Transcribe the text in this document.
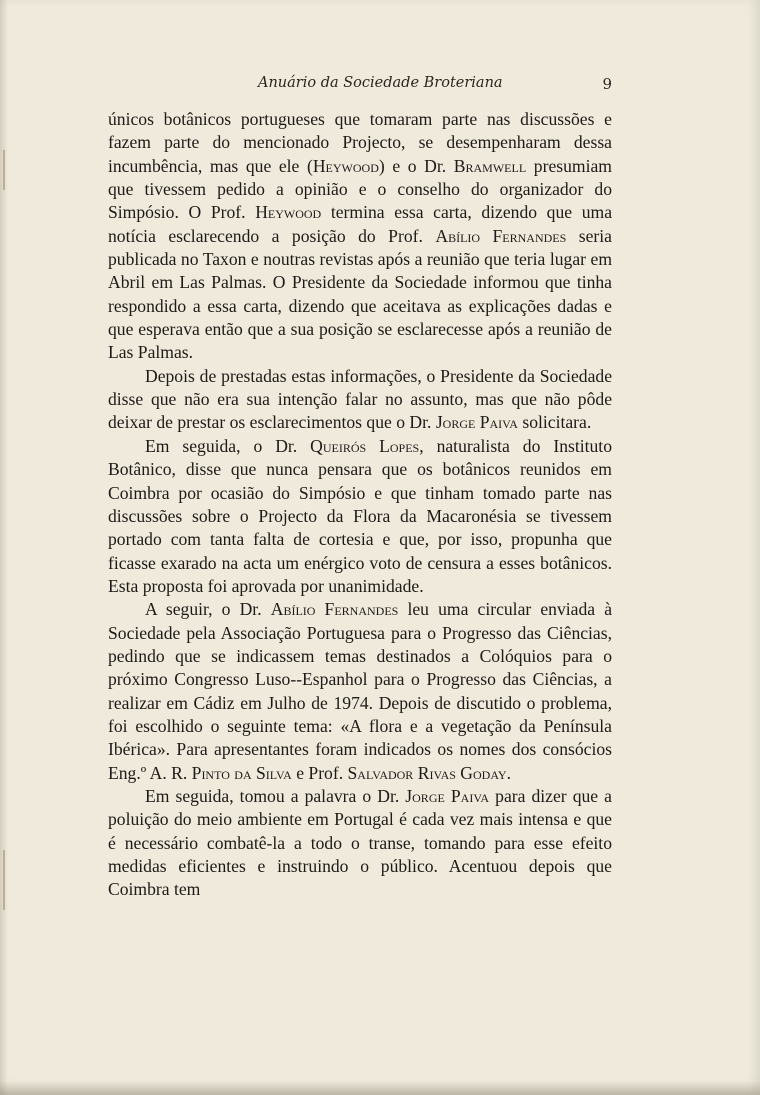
Anuário da Sociedade Broteriana	9

únicos botânicos portugueses que tomaram parte nas discussões e fazem parte do mencionado Projecto, se desempenharam dessa incumbência, mas que ele (Heywood) e o Dr. Bramwell presumiam que tivessem pedido a opinião e o conselho do organizador do Simpósio. O Prof. Heywood termina essa carta, dizendo que uma notícia esclarecendo a posição do Prof. Abílio Fernandes seria publicada no Taxon e noutras revistas após a reunião que teria lugar em Abril em Las Palmas. O Presidente da Sociedade informou que tinha respondido a essa carta, dizendo que aceitava as explicações dadas e que esperava então que a sua posição se esclarecesse após a reunião de Las Palmas.

Depois de prestadas estas informações, o Presidente da Sociedade disse que não era sua intenção falar no assunto, mas que não pôde deixar de prestar os esclarecimentos que o Dr. Jorge Paiva solicitara.

Em seguida, o Dr. Queirós Lopes, naturalista do Instituto Botânico, disse que nunca pensara que os botânicos reunidos em Coimbra por ocasião do Simpósio e que tinham tomado parte nas discussões sobre o Projecto da Flora da Macaronésia se tivessem portado com tanta falta de cortesia e que, por isso, propunha que ficasse exarado na acta um enérgico voto de censura a esses botânicos. Esta proposta foi aprovada por unanimidade.

A seguir, o Dr. Abílio Fernandes leu uma circular enviada à Sociedade pela Associação Portuguesa para o Progresso das Ciências, pedindo que se indicassem temas destinados a Colóquios para o próximo Congresso Luso-‑Espanhol para o Progresso das Ciências, a realizar em Cádiz em Julho de 1974. Depois de discutido o problema, foi escolhido o seguinte tema: «A flora e a vegetação da Península Ibérica». Para apresentantes foram indicados os nomes dos consócios Eng.º A. R. Pinto da Silva e Prof. Salvador Rivas Goday.

Em seguida, tomou a palavra o Dr. Jorge Paiva para dizer que a poluição do meio ambiente em Portugal é cada vez mais intensa e que é necessário combatê-la a todo o transe, tomando para esse efeito medidas eficientes e instruindo o público. Acentuou depois que Coimbra tem
